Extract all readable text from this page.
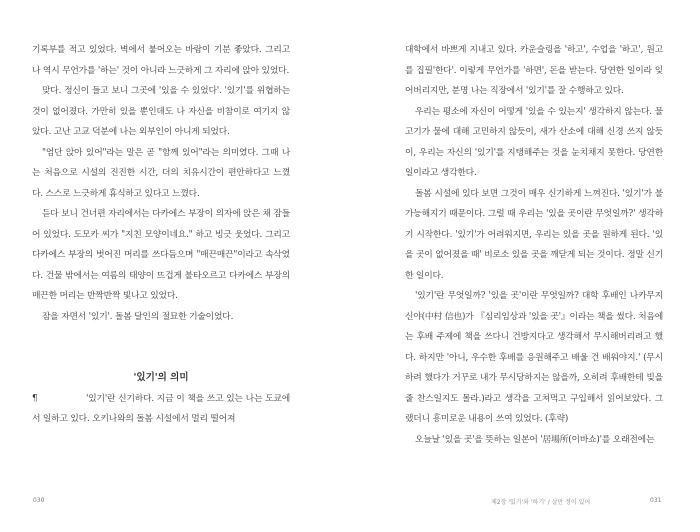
기록부를 적고 있었다. 벽에서 붙어오는 바람이 기분 좋았다. 그리고 나 역시 무언가를 '하는' 것이 아니라 느긋하게 그 자리에 앉아 있었다.

맞다. 정신이 들고 보니 그곳에 '있을 수 있었다'. '있기'를 위협하는 것이 없어졌다. 가만히 있을 뿐인데도 나 자신을 비참이로 여기지 않았다. 고난 고교 덕분에 나는 외부인이 아니게 되었다.

"엄단 앉아 있어"라는 말은 곧 "함께 있어"라는 의미였다. 그때 나는 처음으로 시설의 진진한 시간, 더의 치유시간이 편안하다고 느꼈다. 스스로 느긋하게 휴식하고 있다고 느꼈다.

듣다 보니 건너편 자리에서는 다카에스 부장이 의자에 앉은 채 잠들어 있었다. 도모카 씨가 "지친 모양이네요." 하고 빙긋 웃었다. 그리고 다카에스 부장의 벗어진 머리를 쓰다듬으며 "매끈매끈"이라고 속삭였다. 건물 밖에서는 여름의 태양이 뜨겁게 불타오르고 다카에스 부장의 매끈한 머리는 반짝반짝 빛나고 있었다.

잠을 자면서 '있기'. 돌봄 달인의 절묘한 기술이었다.

'있기'의 의미

¶	'있기'란 신기하다. 지금 이 책을 쓰고 있는 나는 도쿄에서 일하고 있다. 오키나와의 돌봄 시설에서 멀리 떨어져

030

대학에서 바쁘게 지내고 있다. 카운슬링을 '하고', 수업을 '하고', 원고를 집필'한다'. 이렇게 무언가를 '하면', 돈을 받는다. 당연한 일이라 잊어버리지만, 분명 나는 직장에서 '있기'를 잘 수행하고 있다.

우리는 평소에 자신이 어떻게 '있을 수 있는지' 생각하지 않는다. 물고기가 물에 대해 고민하지 않듯이, 새가 산소에 대해 신경 쓰지 않듯이, 우리는 자신의 '있기'를 지탱해주는 것을 눈치채지 못한다. 당연한 일이라고 생각한다.

돌봄 시설에 있다 보면 그것이 매우 신기하게 느껴진다. '있기'가 불가능해지기 때문이다. 그럴 때 우리는 '있을 곳이란 무엇일까?' 생각하기 시작한다. '있기'가 어려워지면, 우리는 있을 곳을 원하게 된다. '있을 곳이 없어졌을 때' 비로소 있을 곳을 깨닫게 되는 것이다. 정말 신기한 일이다.

'있기'란 무엇일까? '있을 곳'이란 무엇일까? 대학 후배인 나카무지 신야(中村 信也)가 『심리임상과 '있을 곳'』이라는 책을 썼다. 처음에는 후배 주제에 책을 쓰다니 건방지다고 생각해서 무시해버리려고 했다. 하지만 '아니, 우수한 후배를 응원해주고 배울 건 배워야지.' (무시하려 했다가 거꾸로 내가 무시당하지는 않을까, 오히려 후배한테 빚을 줄 찬스일지도 몰라.)라고 생각을 고쳐먹고 구입해서 읽어보았다. 그랬더니 흥미로운 내용이 쓰여 있었다. (후략)

오늘날 '있을 곳'을 뜻하는 일본어 '居場所(이바쇼)'를 오래전에는

제2장 '있기'와 '하기' / 살만 정이 있어	031
